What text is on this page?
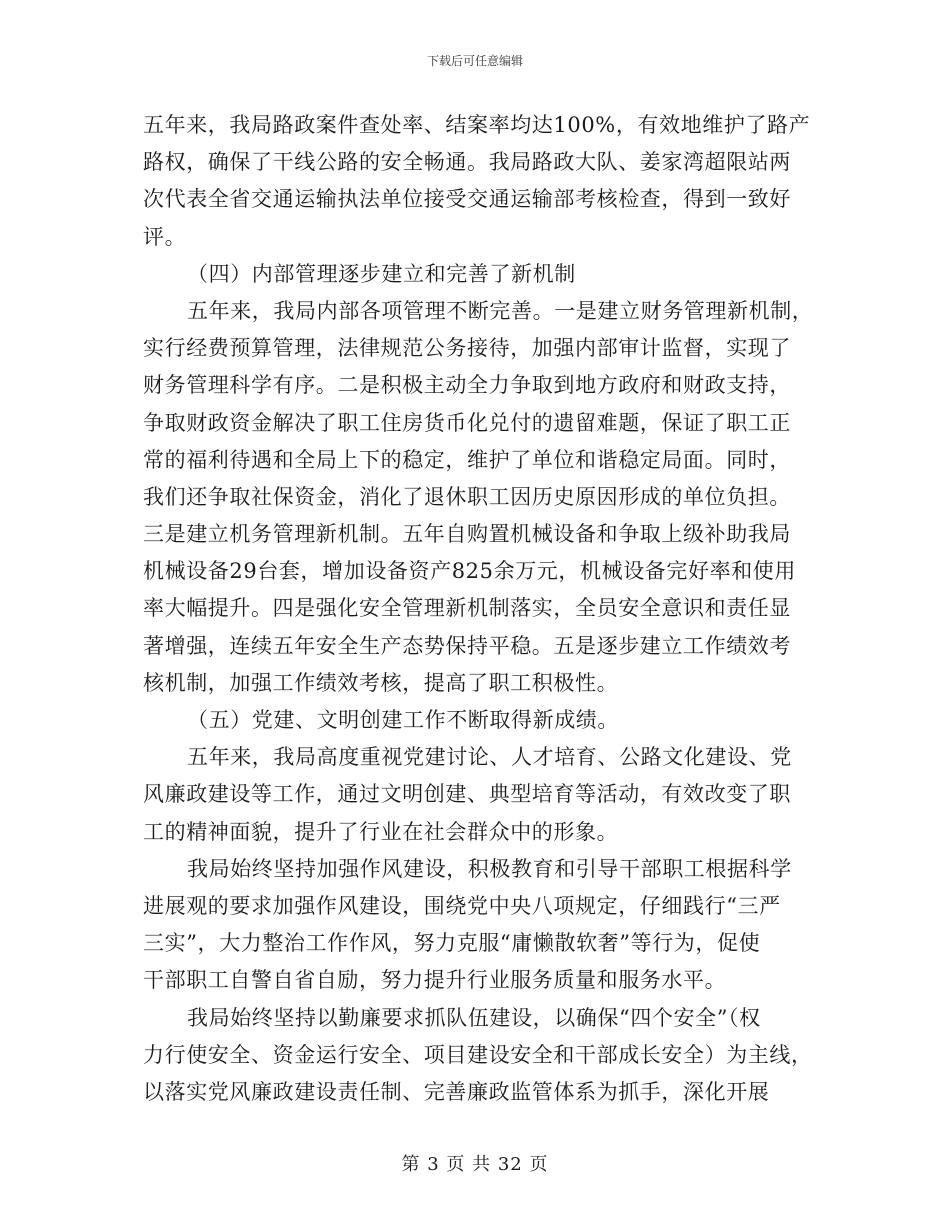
下载后可任意编辑
五年来，我局路政案件查处率、结案率均达100%，有效地维护了路产
路权，确保了干线公路的安全畅通。我局路政大队、姜家湾超限站两
次代表全省交通运输执法单位接受交通运输部考核检查，得到一致好
评。
（四）内部管理逐步建立和完善了新机制
五年来，我局内部各项管理不断完善。一是建立财务管理新机制，
实行经费预算管理，法律规范公务接待，加强内部审计监督，实现了
财务管理科学有序。二是积极主动全力争取到地方政府和财政支持，
争取财政资金解决了职工住房货币化兑付的遗留难题，保证了职工正
常的福利待遇和全局上下的稳定，维护了单位和谐稳定局面。同时，
我们还争取社保资金，消化了退休职工因历史原因形成的单位负担。
三是建立机务管理新机制。五年自购置机械设备和争取上级补助我局
机械设备29台套，增加设备资产825余万元，机械设备完好率和使用
率大幅提升。四是强化安全管理新机制落实，全员安全意识和责任显
著增强，连续五年安全生产态势保持平稳。五是逐步建立工作绩效考
核机制，加强工作绩效考核，提高了职工积极性。
（五）党建、文明创建工作不断取得新成绩。
五年来，我局高度重视党建讨论、人才培育、公路文化建设、党
风廉政建设等工作，通过文明创建、典型培育等活动，有效改变了职
工的精神面貌，提升了行业在社会群众中的形象。
我局始终坚持加强作风建设，积极教育和引导干部职工根据科学
进展观的要求加强作风建设，围绕党中央八项规定，仔细践行“三严
三实”，大力整治工作作风，努力克服“庸懒散软奢”等行为，促使
干部职工自警自省自励，努力提升行业服务质量和服务水平。
我局始终坚持以勤廉要求抓队伍建设，以确保“四个安全”（权
力行使安全、资金运行安全、项目建设安全和干部成长安全）为主线，
以落实党风廉政建设责任制、完善廉政监管体系为抓手，深化开展
第 3 页 共 32 页
